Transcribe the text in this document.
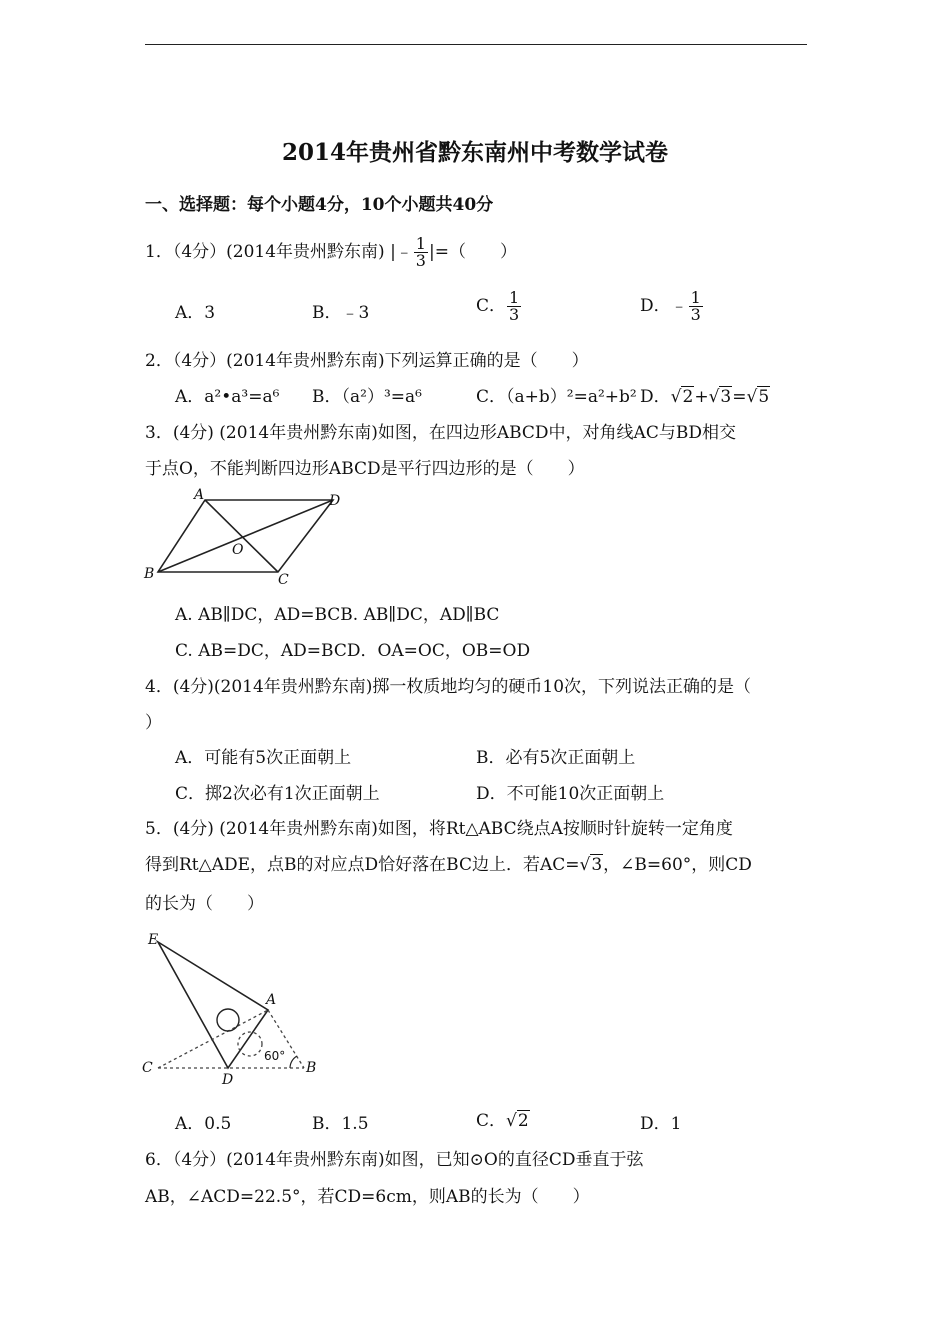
2014年贵州省黔东南州中考数学试卷
一、选择题：每个小题4分，10个小题共40分
1．（4分）(2014年贵州黔东南) |﹣ $\frac{1}{3}$ |=（　　）
A．3	B．﹣3	C． $\frac{1}{3}$	D．﹣ $\frac{1}{3}$
2．（4分）(2014年贵州黔东南)下列运算正确的是（　　）
A．a²•a³=a⁶ B．（a²）³=a⁶	C．（a+b）²=a²+b² D．√2+√3=√5
3．(4分) (2014年贵州黔东南)如图，在四边形ABCD中，对角线AC与BD相交
于点O，不能判断四边形ABCD是平行四边形的是（　　）
A	D
B	C
O
A. AB∥DC，AD=BCB. AB∥DC，AD∥BC
C. AB=DC，AD=BCD．OA=OC，OB=OD
4．(4分)(2014年贵州黔东南)掷一枚质地均匀的硬币10次，下列说法正确的是（
）
A．可能有5次正面朝上	B．必有5次正面朝上
C．掷2次必有1次正面朝上	D．不可能10次正面朝上
5．(4分) (2014年贵州黔东南)如图，将Rt△ABC绕点A按顺时针旋转一定角度
得到Rt△ADE，点B的对应点D恰好落在BC边上．若AC=√3，∠B=60°，则CD
的长为（　　）
E
A
C
D
B
60°
A．0.5	B．1.5	C．√2	D．1
6．（4分）(2014年贵州黔东南)如图，已知⊙O的直径CD垂直于弦
AB，∠ACD=22.5°，若CD=6cm，则AB的长为（　　）
